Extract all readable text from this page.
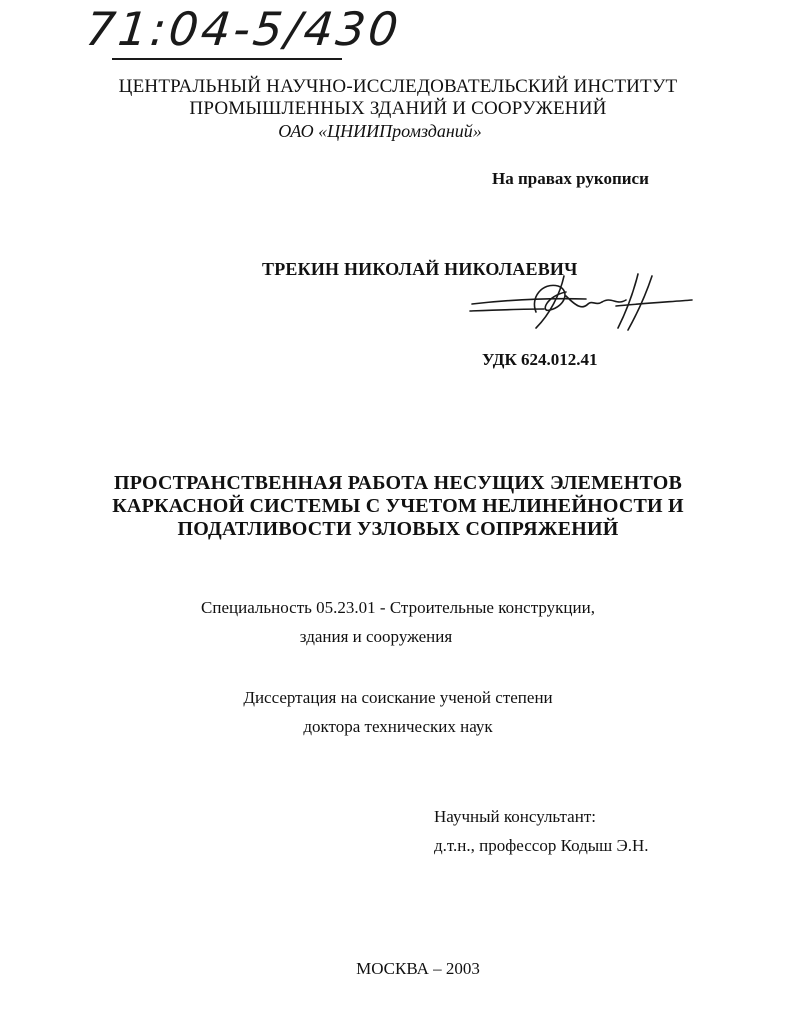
71:04-5/430
ЦЕНТРАЛЬНЫЙ НАУЧНО-ИССЛЕДОВАТЕЛЬСКИЙ ИНСТИТУТ
ПРОМЫШЛЕННЫХ ЗДАНИЙ И СООРУЖЕНИЙ
ОАО «ЦНИИПромзданий»
На правах рукописи
ТРЕКИН НИКОЛАЙ НИКОЛАЕВИЧ
УДК 624.012.41
ПРОСТРАНСТВЕННАЯ РАБОТА НЕСУЩИХ ЭЛЕМЕНТОВ
КАРКАСНОЙ СИСТЕМЫ С УЧЕТОМ НЕЛИНЕЙНОСТИ И
ПОДАТЛИВОСТИ УЗЛОВЫХ СОПРЯЖЕНИЙ
Специальность 05.23.01 - Строительные конструкции,
здания и сооружения
Диссертация на соискание ученой степени
доктора технических наук
Научный консультант:
д.т.н., профессор Кодыш Э.Н.
МОСКВА – 2003
